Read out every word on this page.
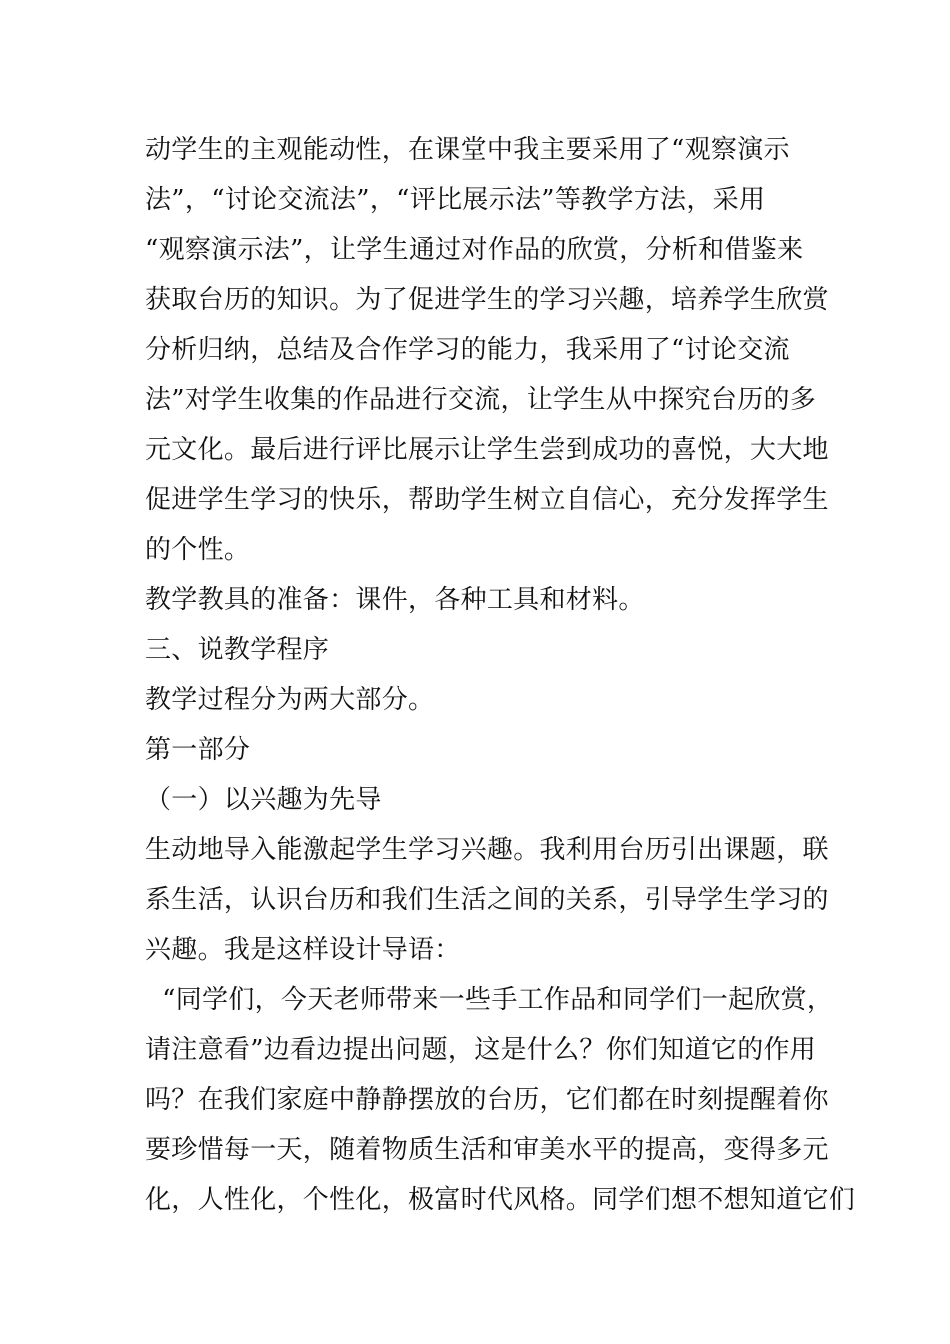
动学生的主观能动性，在课堂中我主要采用了“观察演示
法”，“讨论交流法”，“评比展示法”等教学方法，采用
“观察演示法”，让学生通过对作品的欣赏，分析和借鉴来
获取台历的知识。为了促进学生的学习兴趣，培养学生欣赏
分析归纳，总结及合作学习的能力，我采用了“讨论交流
法”对学生收集的作品进行交流，让学生从中探究台历的多
元文化。最后进行评比展示让学生尝到成功的喜悦，大大地
促进学生学习的快乐，帮助学生树立自信心，充分发挥学生
的个性。
教学教具的准备：课件，各种工具和材料。
三、说教学程序
教学过程分为两大部分。
第一部分
（一）以兴趣为先导
生动地导入能激起学生学习兴趣。我利用台历引出课题，联
系生活，认识台历和我们生活之间的关系，引导学生学习的
兴趣。我是这样设计导语：
“同学们，今天老师带来一些手工作品和同学们一起欣赏，
请注意看”边看边提出问题，这是什么？你们知道它的作用
吗？在我们家庭中静静摆放的台历，它们都在时刻提醒着你
要珍惜每一天，随着物质生活和审美水平的提高，变得多元
化，人性化，个性化，极富时代风格。同学们想不想知道它们
